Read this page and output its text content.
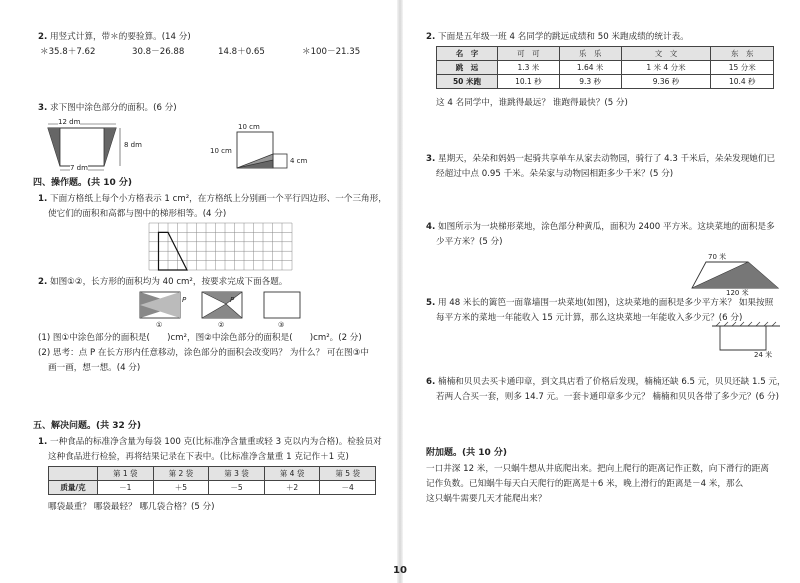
2. 用竖式计算，带＊的要验算。(14 分)
＊35.8＋7.62	30.8－26.88	14.8＋0.65	＊100－21.35
3. 求下图中涂色部分的面积。(6 分)
12 dm
8 dm
7 dm
10 cm
10 cm
4 cm
四、操作题。(共 10 分)
1. 下面方格纸上每个小方格表示 1 cm²，在方格纸上分别画一个平行四边形、一个三角形，
使它们的面积和高都与图中的梯形相等。(4 分)
2. 如图①②，长方形的面积均为 40 cm²，按要求完成下面各题。
P	P
①	②	③
(1) 图①中涂色部分的面积是(　　)cm²，图②中涂色部分的面积是(　　)cm²。(2 分)
(2) 思考：点 P 在长方形内任意移动，涂色部分的面积会改变吗？ 为什么？ 可在图③中
画一画，想一想。(4 分)
五、解决问题。(共 32 分)
1. 一种食品的标准净含量为每袋 100 克(比标准净含量重或轻 3 克以内为合格)。检验员对
这种食品进行检验，再将结果记录在下表中。(比标准净含量重 1 克记作＋1 克)
	第 1 袋	第 2 袋	第 3 袋	第 4 袋	第 5 袋
质量/克	－1	＋5	－5	＋2	－4
哪袋最重？ 哪袋最轻？ 哪几袋合格？(5 分)
2. 下面是五年级一班 4 名同学的跳远成绩和 50 米跑成绩的统计表。
名　字	可　可	乐　乐	文　文	东　东
跳　远	1.3 米	1.64 米	1 米 4 分米	15 分米
50 米跑	10.1 秒	9.3 秒	9.36 秒	10.4 秒
这 4 名同学中，谁跳得最远？ 谁跑得最快？(5 分)
3. 星期天，朵朵和妈妈一起骑共享单车从家去动物园，骑行了 4.3 千米后，朵朵发现她们已
经超过中点 0.95 千米。朵朵家与动物园相距多少千米？(5 分)
4. 如图所示为一块梯形菜地，涂色部分种黄瓜，面积为 2400 平方米。这块菜地的面积是多
少平方米？(5 分)
70 米
120 米
5. 用 48 米长的篱笆一面靠墙围一块菜地(如图)，这块菜地的面积是多少平方米？ 如果按照
每平方米的菜地一年能收入 15 元计算，那么这块菜地一年能收入多少元？(6 分)
24 米
6. 楠楠和贝贝去买卡通印章，到文具店看了价格后发现，楠楠还缺 6.5 元，贝贝还缺 1.5 元，
若两人合买一套，则多 14.7 元。一套卡通印章多少元？ 楠楠和贝贝各带了多少元？(6 分)
附加题。(共 10 分)
一口井深 12 米，一只蜗牛想从井底爬出来。把向上爬行的距离记作正数，向下滑行的距离
记作负数。已知蜗牛每天白天爬行的距离是＋6 米，晚上滑行的距离是－4 米，那么
这只蜗牛需要几天才能爬出来？
10
